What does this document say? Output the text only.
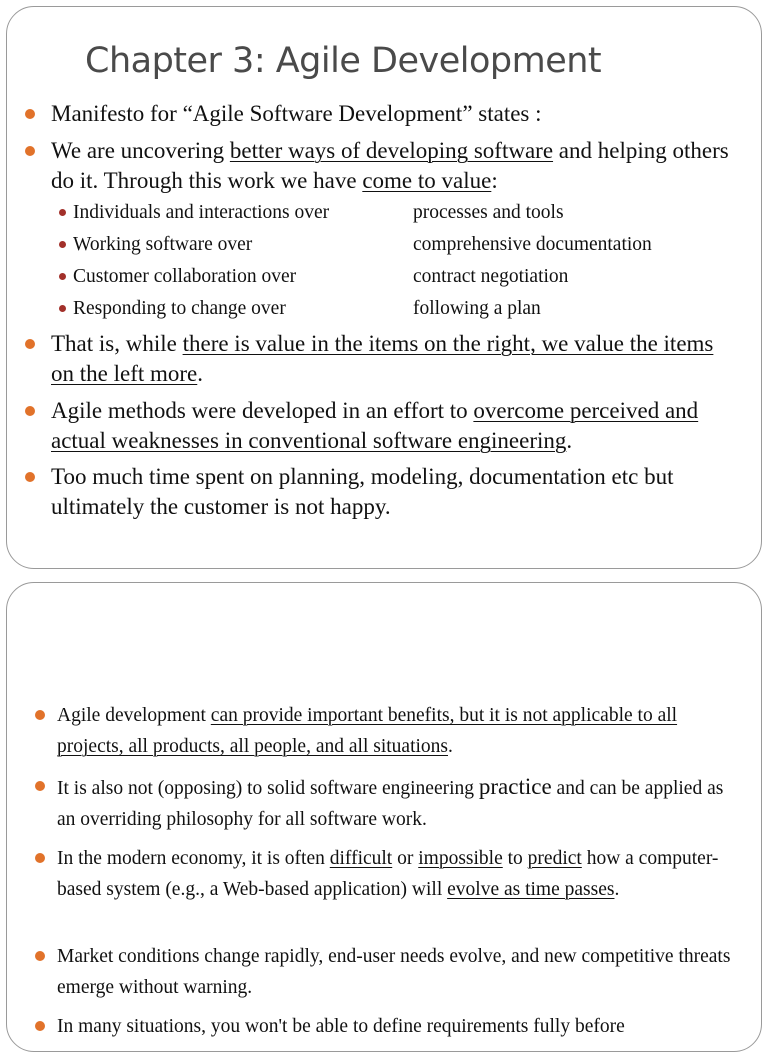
Chapter 3: Agile Development

Manifesto for “Agile Software Development” states :

We are uncovering better ways of developing software and helping others do it. Through this work we have come to value:

Individuals and interactions over	processes and tools

Working software over	comprehensive documentation

Customer collaboration over	contract negotiation

Responding to change over	following a plan

That is, while there is value in the items on the right, we value the items on the left more.

Agile methods were developed in an effort to overcome perceived and actual weaknesses in conventional software engineering.

Too much time spent on planning, modeling, documentation etc but ultimately the customer is not happy.

Agile development can provide important benefits, but it is not applicable to all projects, all products, all people, and all situations.

It is also not (opposing) to solid software engineering practice and can be applied as an overriding philosophy for all software work.

In the modern economy, it is often difficult or impossible to predict how a computer-based system (e.g., a Web-based application) will evolve as time passes.

Market conditions change rapidly, end-user needs evolve, and new competitive threats emerge without warning.

In many situations, you won't be able to define requirements fully before
